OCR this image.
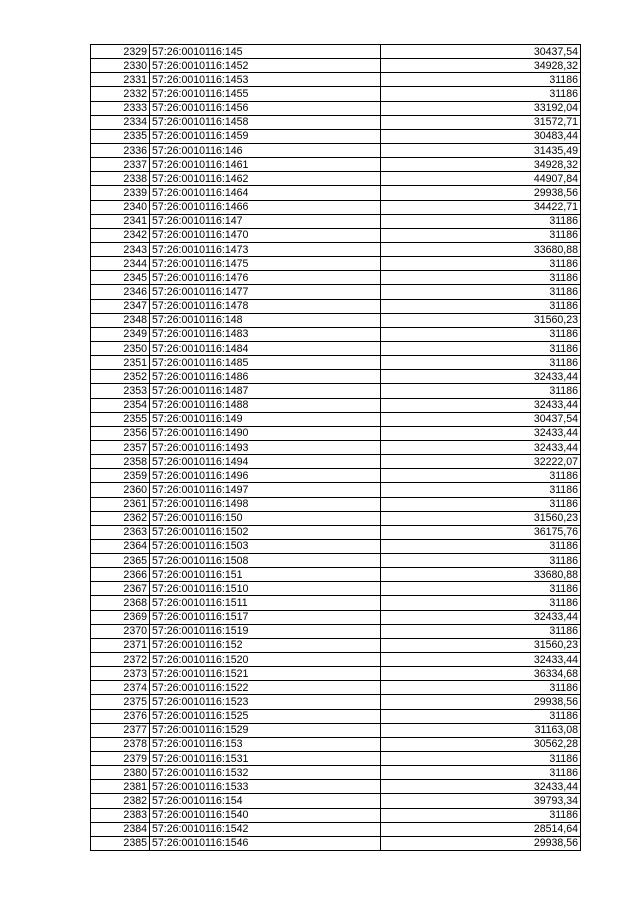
2329	57:26:0010116:145	30437,54
2330	57:26:0010116:1452	34928,32
2331	57:26:0010116:1453	31186
2332	57:26:0010116:1455	31186
2333	57:26:0010116:1456	33192,04
2334	57:26:0010116:1458	31572,71
2335	57:26:0010116:1459	30483,44
2336	57:26:0010116:146	31435,49
2337	57:26:0010116:1461	34928,32
2338	57:26:0010116:1462	44907,84
2339	57:26:0010116:1464	29938,56
2340	57:26:0010116:1466	34422,71
2341	57:26:0010116:147	31186
2342	57:26:0010116:1470	31186
2343	57:26:0010116:1473	33680,88
2344	57:26:0010116:1475	31186
2345	57:26:0010116:1476	31186
2346	57:26:0010116:1477	31186
2347	57:26:0010116:1478	31186
2348	57:26:0010116:148	31560,23
2349	57:26:0010116:1483	31186
2350	57:26:0010116:1484	31186
2351	57:26:0010116:1485	31186
2352	57:26:0010116:1486	32433,44
2353	57:26:0010116:1487	31186
2354	57:26:0010116:1488	32433,44
2355	57:26:0010116:149	30437,54
2356	57:26:0010116:1490	32433,44
2357	57:26:0010116:1493	32433,44
2358	57:26:0010116:1494	32222,07
2359	57:26:0010116:1496	31186
2360	57:26:0010116:1497	31186
2361	57:26:0010116:1498	31186
2362	57:26:0010116:150	31560,23
2363	57:26:0010116:1502	36175,76
2364	57:26:0010116:1503	31186
2365	57:26:0010116:1508	31186
2366	57:26:0010116:151	33680,88
2367	57:26:0010116:1510	31186
2368	57:26:0010116:1511	31186
2369	57:26:0010116:1517	32433,44
2370	57:26:0010116:1519	31186
2371	57:26:0010116:152	31560,23
2372	57:26:0010116:1520	32433,44
2373	57:26:0010116:1521	36334,68
2374	57:26:0010116:1522	31186
2375	57:26:0010116:1523	29938,56
2376	57:26:0010116:1525	31186
2377	57:26:0010116:1529	31163,08
2378	57:26:0010116:153	30562,28
2379	57:26:0010116:1531	31186
2380	57:26:0010116:1532	31186
2381	57:26:0010116:1533	32433,44
2382	57:26:0010116:154	39793,34
2383	57:26:0010116:1540	31186
2384	57:26:0010116:1542	28514,64
2385	57:26:0010116:1546	29938,56
